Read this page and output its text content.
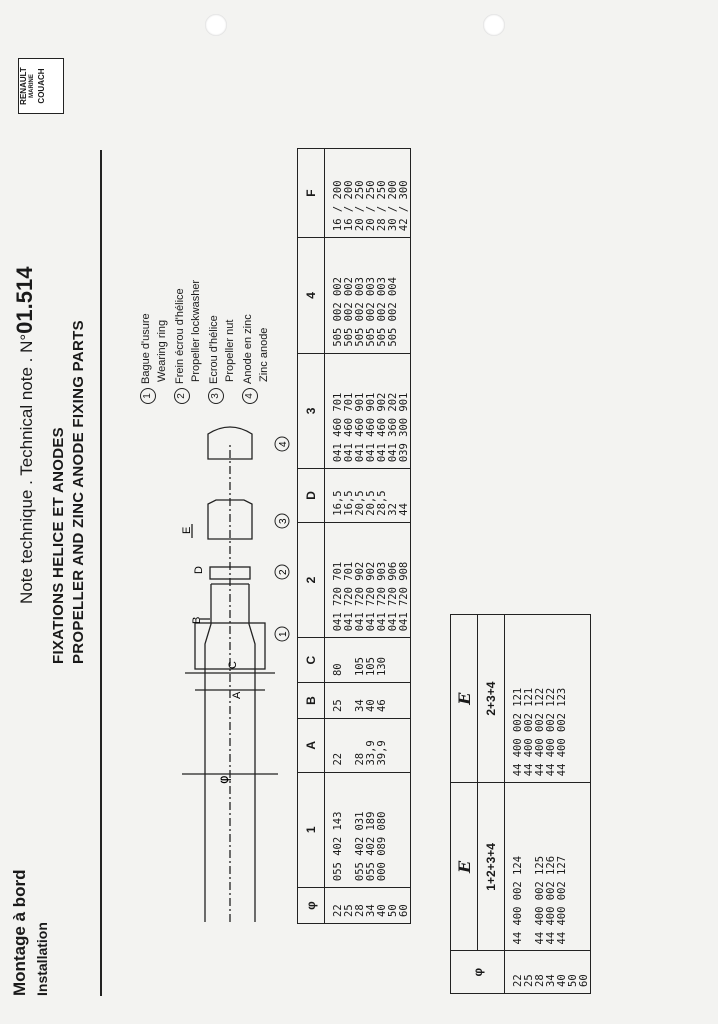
Montage à bord Installation
Note technique . Technical note . N°01.514
RENAULT MARINE COUACH
FIXATIONS HELICE ET ANODES PROPELLER AND ZINC ANODE FIXING PARTS
φ
A
B
C
D
E
1
2
3
4
1Bague d'usure Wearing ring
2Frein écrou d'hélice Propeller lockwasher
3Ecrou d'hélice Propeller nut
4Anode en zinc Zinc anode
φ	1	A	B	C	2	D	3	4	F
22	055 402 143	22	25	80	041 720 701	16,5	041 460 701	505 002 002	16 / 200
25					041 720 701	16,5	041 460 701	505 002 002	16 / 200
28	055 402 031	28	34	105	041 720 902	20,5	041 460 901	505 002 003	20 / 250
34	055 402 189	33,9	40	105	041 720 902	20,5	041 460 901	505 002 003	20 / 250
40	000 089 080	39,9	46	130	041 720 903	28,5	041 460 902	505 002 003	28 / 250
50					041 720 906	32	041 360 202	505 002 004	30 / 200
60					041 720 908	44	039 300 901		42 / 300
φ	E	E
	1+2+3+4	2+3+4
22	44 400 002 124	44 400 002 121
25		44 400 002 121
28	44 400 002 125	44 400 002 122
34	44 400 002 126	44 400 002 122
40	44 400 002 127	44 400 002 123
50		
60		
